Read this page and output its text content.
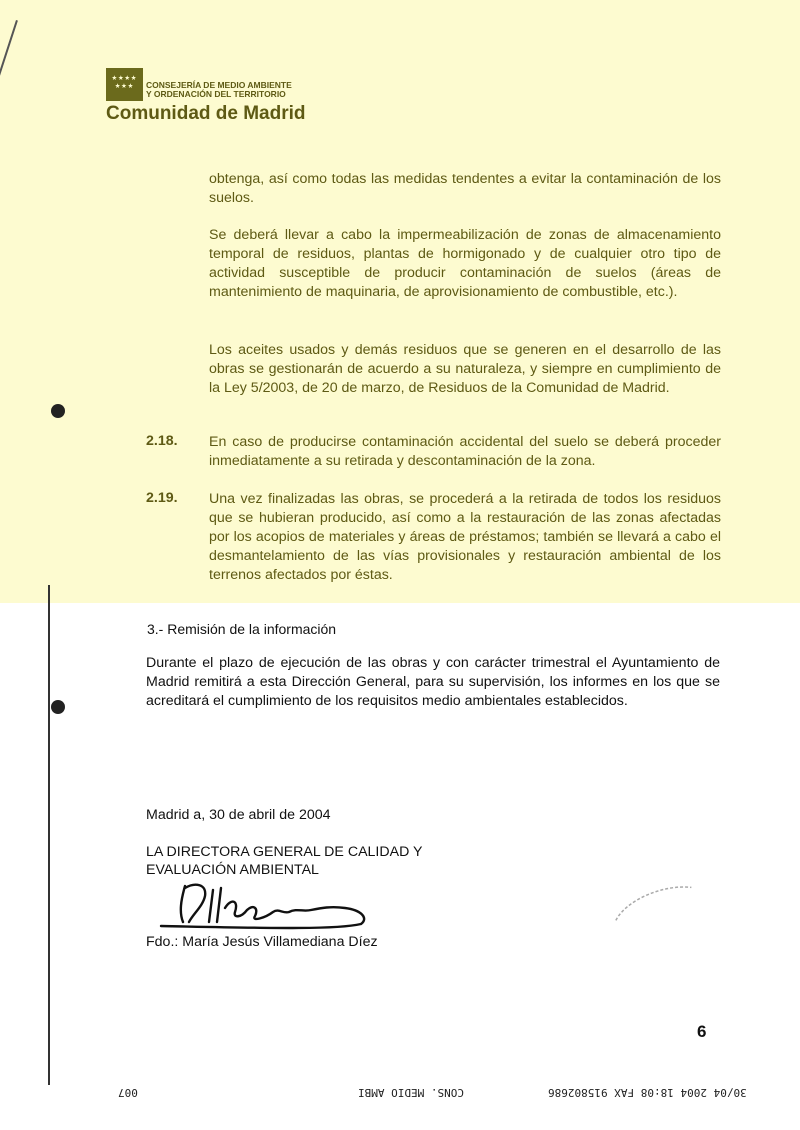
★★★★ ★★★	CONSEJERÍA DE MEDIO AMBIENTE
Y ORDENACIÓN DEL TERRITORIO
Comunidad de Madrid

obtenga, así como todas las medidas tendentes a evitar la contaminación de los suelos.

Se deberá llevar a cabo la impermeabilización de zonas de almacenamiento temporal de residuos, plantas de hormigonado y de cualquier otro tipo de actividad susceptible de producir contaminación de suelos (áreas de mantenimiento de maquinaria, de aprovisionamiento de combustible, etc.).

Los aceites usados y demás residuos que se generen en el desarrollo de las obras se gestionarán de acuerdo a su naturaleza, y siempre en cumplimiento de la Ley 5/2003, de 20 de marzo, de Residuos de la Comunidad de Madrid.

2.18. En caso de producirse contaminación accidental del suelo se deberá proceder inmediatamente a su retirada y descontaminación de la zona.

2.19. Una vez finalizadas las obras, se procederá a la retirada de todos los residuos que se hubieran producido, así como a la restauración de las zonas afectadas por los acopios de materiales y áreas de préstamos; también se llevará a cabo el desmantelamiento de las vías provisionales y restauración ambiental de los terrenos afectados por éstas.

3.- Remisión de la información

Durante el plazo de ejecución de las obras y con carácter trimestral el Ayuntamiento de Madrid remitirá a esta Dirección General, para su supervisión, los informes en los que se acreditará el cumplimiento de los requisitos medio ambientales establecidos.

Madrid a, 30 de abril de 2004
LA DIRECTORA GENERAL DE CALIDAD Y
EVALUACIÓN AMBIENTAL
Fdo.: María Jesús Villamediana Díez
6
30/04 2004 18:08 FAX 915802686
CONS. MEDIO AMBI
007
